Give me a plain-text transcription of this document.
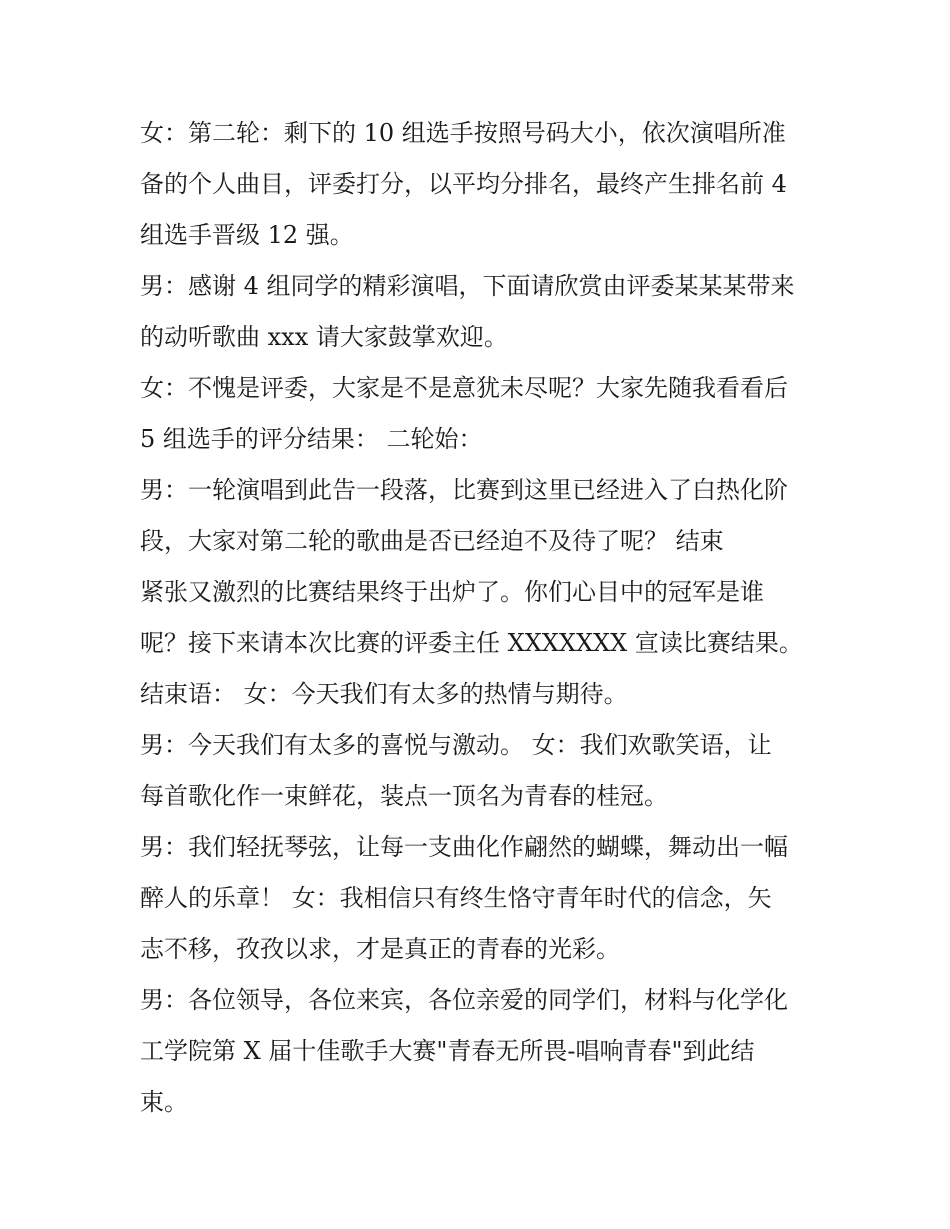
女：第二轮：剩下的 10 组选手按照号码大小，依次演唱所准
备的个人曲目，评委打分，以平均分排名，最终产生排名前 4
组选手晋级 12 强。
男：感谢 4 组同学的精彩演唱，下面请欣赏由评委某某某带来
的动听歌曲 xxx 请大家鼓掌欢迎。
女：不愧是评委，大家是不是意犹未尽呢？大家先随我看看后
5 组选手的评分结果： 二轮始：
男：一轮演唱到此告一段落，比赛到这里已经进入了白热化阶
段，大家对第二轮的歌曲是否已经迫不及待了呢？ 结束
紧张又激烈的比赛结果终于出炉了。你们心目中的冠军是谁
呢？接下来请本次比赛的评委主任 XXXXXXX 宣读比赛结果。
结束语： 女：今天我们有太多的热情与期待。
男：今天我们有太多的喜悦与激动。 女：我们欢歌笑语，让
每首歌化作一束鲜花，装点一顶名为青春的桂冠。
男：我们轻抚琴弦，让每一支曲化作翩然的蝴蝶，舞动出一幅
醉人的乐章！ 女：我相信只有终生恪守青年时代的信念，矢
志不移，孜孜以求，才是真正的青春的光彩。
男：各位领导，各位来宾，各位亲爱的同学们，材料与化学化
工学院第 X 届十佳歌手大赛"青春无所畏-唱响青春"到此结
束。
